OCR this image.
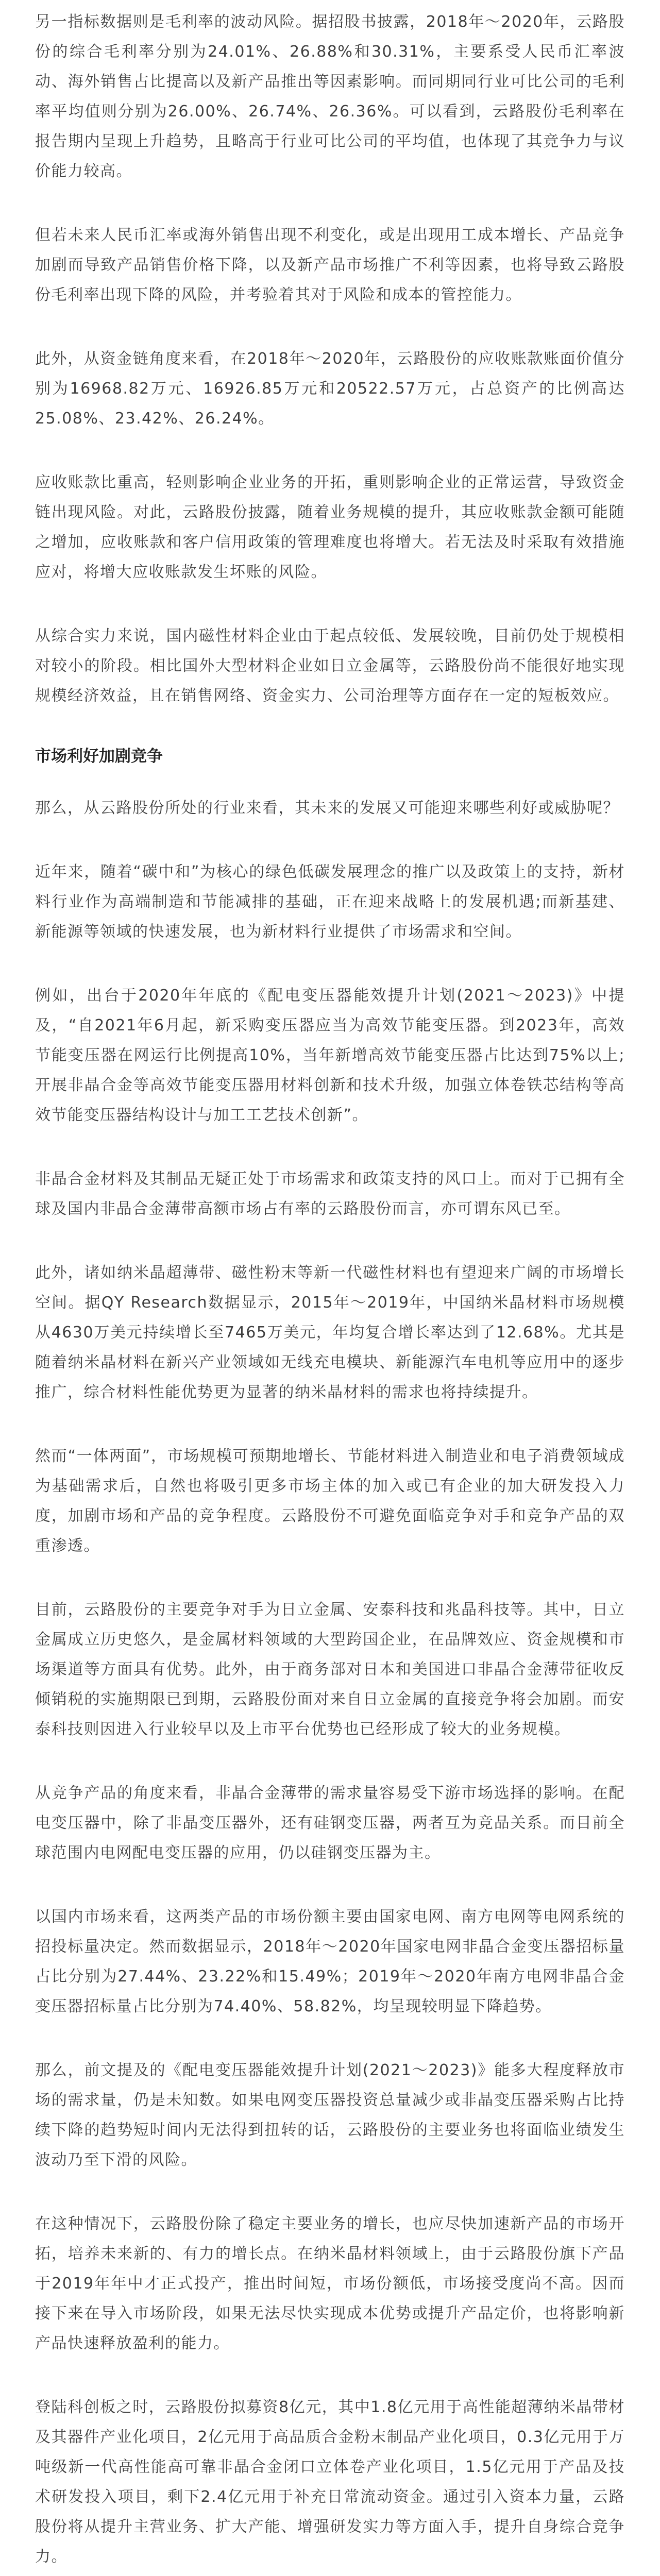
另一指标数据则是毛利率的波动风险。据招股书披露，2018年～2020年，云路股份的综合毛利率分别为24.01%、26.88%和30.31%，主要系受人民币汇率波动、海外销售占比提高以及新产品推出等因素影响。而同期同行业可比公司的毛利率平均值则分别为26.00%、26.74%、26.36%。可以看到，云路股份毛利率在报告期内呈现上升趋势，且略高于行业可比公司的平均值，也体现了其竞争力与议价能力较高。

但若未来人民币汇率或海外销售出现不利变化，或是出现用工成本增长、产品竞争加剧而导致产品销售价格下降，以及新产品市场推广不利等因素，也将导致云路股份毛利率出现下降的风险，并考验着其对于风险和成本的管控能力。

此外，从资金链角度来看，在2018年～2020年，云路股份的应收账款账面价值分别为16968.82万元、16926.85万元和20522.57万元，占总资产的比例高达25.08%、23.42%、26.24%。

应收账款比重高，轻则影响企业业务的开拓，重则影响企业的正常运营，导致资金链出现风险。对此，云路股份披露，随着业务规模的提升，其应收账款金额可能随之增加，应收账款和客户信用政策的管理难度也将增大。若无法及时采取有效措施应对，将增大应收账款发生坏账的风险。

从综合实力来说，国内磁性材料企业由于起点较低、发展较晚，目前仍处于规模相对较小的阶段。相比国外大型材料企业如日立金属等，云路股份尚不能很好地实现规模经济效益，且在销售网络、资金实力、公司治理等方面存在一定的短板效应。

市场利好加剧竞争

那么，从云路股份所处的行业来看，其未来的发展又可能迎来哪些利好或威胁呢？

近年来，随着“碳中和”为核心的绿色低碳发展理念的推广以及政策上的支持，新材料行业作为高端制造和节能减排的基础，正在迎来战略上的发展机遇;而新基建、新能源等领域的快速发展，也为新材料行业提供了市场需求和空间。

例如，出台于2020年年底的《配电变压器能效提升计划(2021～2023)》中提及，“自2021年6月起，新采购变压器应当为高效节能变压器。到2023年，高效节能变压器在网运行比例提高10%，当年新增高效节能变压器占比达到75%以上;开展非晶合金等高效节能变压器用材料创新和技术升级，加强立体卷铁芯结构等高效节能变压器结构设计与加工工艺技术创新”。

非晶合金材料及其制品无疑正处于市场需求和政策支持的风口上。而对于已拥有全球及国内非晶合金薄带高额市场占有率的云路股份而言，亦可谓东风已至。

此外，诸如纳米晶超薄带、磁性粉末等新一代磁性材料也有望迎来广阔的市场增长空间。据QY Research数据显示，2015年～2019年，中国纳米晶材料市场规模从4630万美元持续增长至7465万美元，年均复合增长率达到了12.68%。尤其是随着纳米晶材料在新兴产业领域如无线充电模块、新能源汽车电机等应用中的逐步推广，综合材料性能优势更为显著的纳米晶材料的需求也将持续提升。

然而“一体两面”，市场规模可预期地增长、节能材料进入制造业和电子消费领域成为基础需求后，自然也将吸引更多市场主体的加入或已有企业的加大研发投入力度，加剧市场和产品的竞争程度。云路股份不可避免面临竞争对手和竞争产品的双重渗透。

目前，云路股份的主要竞争对手为日立金属、安泰科技和兆晶科技等。其中，日立金属成立历史悠久，是金属材料领域的大型跨国企业，在品牌效应、资金规模和市场渠道等方面具有优势。此外，由于商务部对日本和美国进口非晶合金薄带征收反倾销税的实施期限已到期，云路股份面对来自日立金属的直接竞争将会加剧。而安泰科技则因进入行业较早以及上市平台优势也已经形成了较大的业务规模。

从竞争产品的角度来看，非晶合金薄带的需求量容易受下游市场选择的影响。在配电变压器中，除了非晶变压器外，还有硅钢变压器，两者互为竞品关系。而目前全球范围内电网配电变压器的应用，仍以硅钢变压器为主。

以国内市场来看，这两类产品的市场份额主要由国家电网、南方电网等电网系统的招投标量决定。然而数据显示，2018年～2020年国家电网非晶合金变压器招标量占比分别为27.44%、23.22%和15.49%；2019年～2020年南方电网非晶合金变压器招标量占比分别为74.40%、58.82%，均呈现较明显下降趋势。

那么，前文提及的《配电变压器能效提升计划(2021～2023)》能多大程度释放市场的需求量，仍是未知数。如果电网变压器投资总量减少或非晶变压器采购占比持续下降的趋势短时间内无法得到扭转的话，云路股份的主要业务也将面临业绩发生波动乃至下滑的风险。

在这种情况下，云路股份除了稳定主要业务的增长，也应尽快加速新产品的市场开拓，培养未来新的、有力的增长点。在纳米晶材料领域上，由于云路股份旗下产品于2019年年中才正式投产，推出时间短，市场份额低，市场接受度尚不高。因而接下来在导入市场阶段，如果无法尽快实现成本优势或提升产品定价，也将影响新产品快速释放盈利的能力。

登陆科创板之时，云路股份拟募资8亿元，其中1.8亿元用于高性能超薄纳米晶带材及其器件产业化项目，2亿元用于高品质合金粉末制品产业化项目，0.3亿元用于万吨级新一代高性能高可靠非晶合金闭口立体卷产业化项目，1.5亿元用于产品及技术研发投入项目，剩下2.4亿元用于补充日常流动资金。通过引入资本力量，云路股份将从提升主营业务、扩大产能、增强研发实力等方面入手，提升自身综合竞争力。
